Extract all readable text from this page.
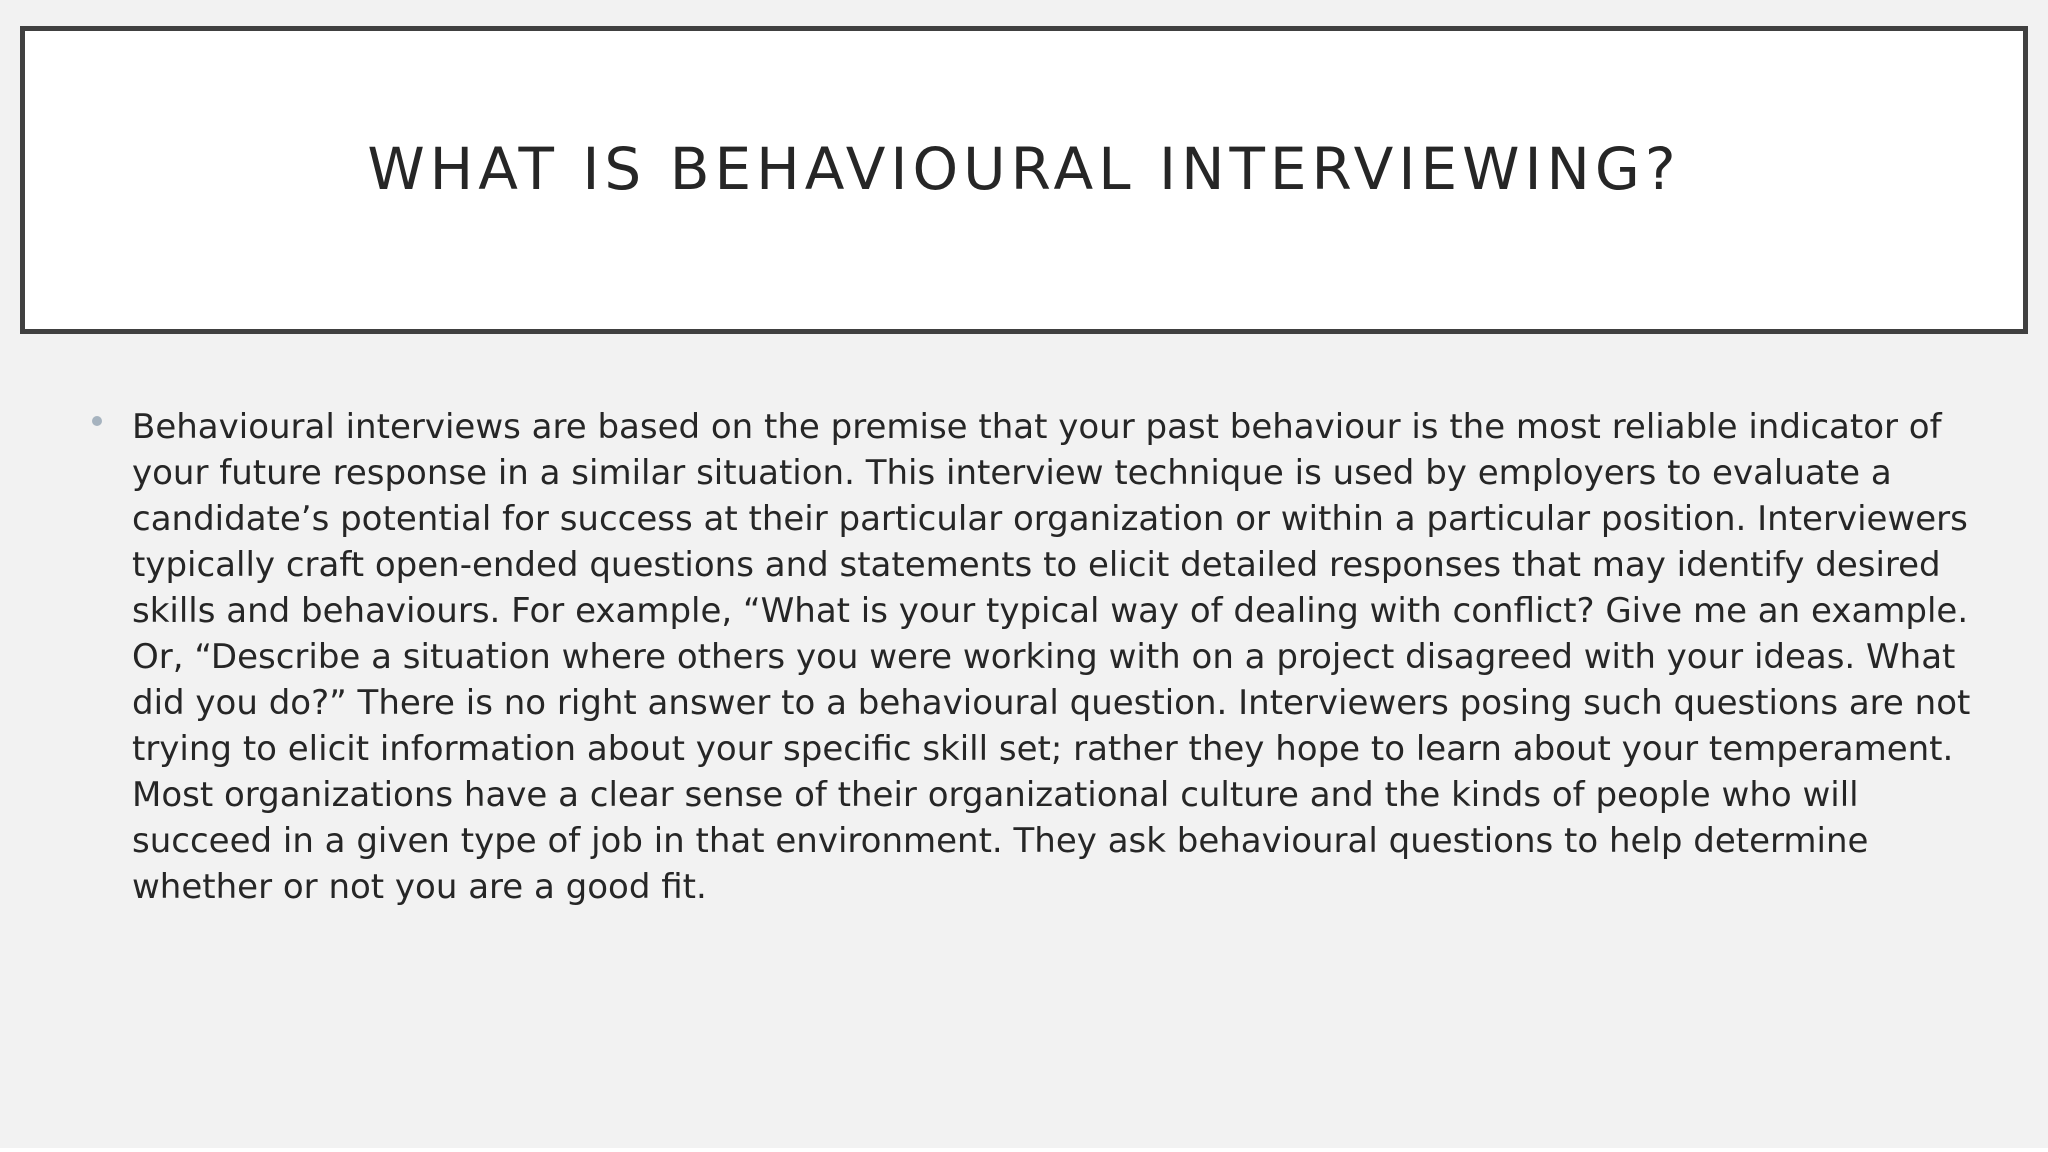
WHAT IS BEHAVIOURAL INTERVIEWING?

Behavioural interviews are based on the premise that your past behaviour is the most reliable indicator of your future response in a similar situation. This interview technique is used by employers to evaluate a candidate’s potential for success at their particular organization or within a particular position. Interviewers typically craft open-ended questions and statements to elicit detailed responses that may identify desired skills and behaviours. For example, “What is your typical way of dealing with conflict? Give me an example. Or, “Describe a situation where others you were working with on a project disagreed with your ideas. What did you do?” There is no right answer to a behavioural question. Interviewers posing such questions are not trying to elicit information about your specific skill set; rather they hope to learn about your temperament. Most organizations have a clear sense of their organizational culture and the kinds of people who will succeed in a given type of job in that environment. They ask behavioural questions to help determine whether or not you are a good fit.
